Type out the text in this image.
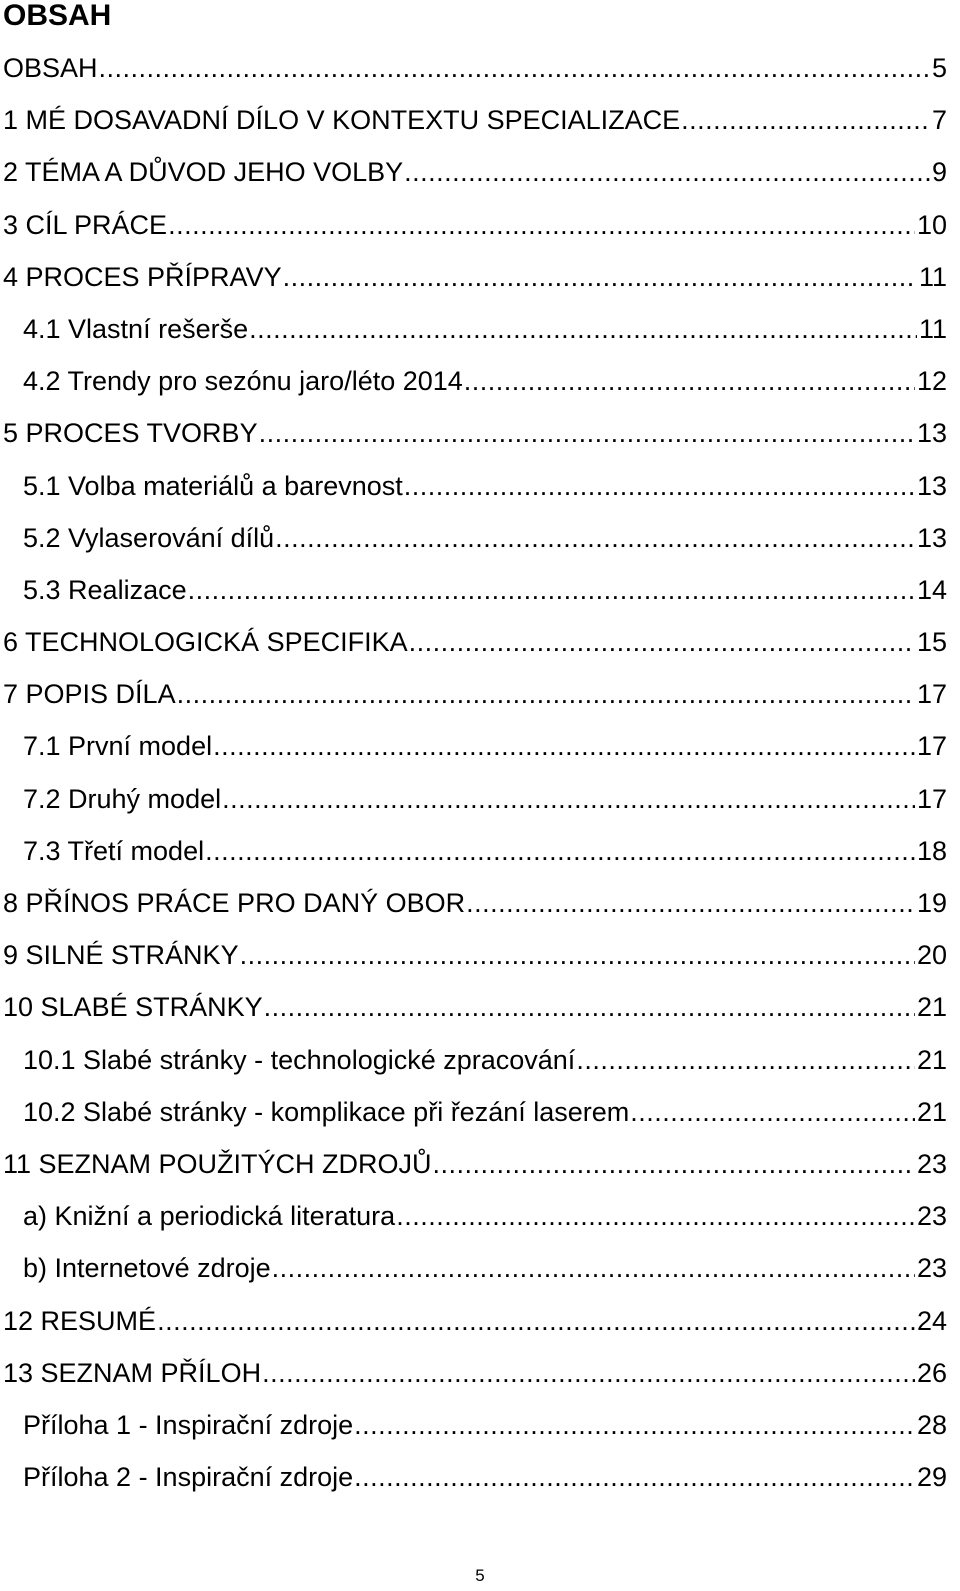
OBSAH
OBSAH .....	5
1 MÉ DOSAVADNÍ DÍLO V KONTEXTU SPECIALIZACE .....	7
2 TÉMA A DŮVOD JEHO VOLBY .....	9
3 CÍL PRÁCE .....	10
4 PROCES PŘÍPRAVY .....	11
4.1 Vlastní rešerše .....	11
4.2 Trendy pro sezónu jaro/léto 2014 .....	12
5 PROCES TVORBY .....	13
5.1 Volba materiálů a barevnost .....	13
5.2 Vylaserování dílů .....	13
5.3 Realizace .....	14
6 TECHNOLOGICKÁ SPECIFIKA .....	15
7 POPIS DÍLA .....	17
7.1 První model .....	17
7.2 Druhý model .....	17
7.3 Třetí model .....	18
8 PŘÍNOS PRÁCE PRO DANÝ OBOR .....	19
9 SILNÉ STRÁNKY .....	20
10 SLABÉ STRÁNKY .....	21
10.1 Slabé stránky - technologické zpracování .....	21
10.2 Slabé stránky - komplikace při řezání laserem .....	21
11 SEZNAM POUŽITÝCH ZDROJŮ .....	23
a) Knižní a periodická literatura .....	23
b) Internetové zdroje .....	23
12 RESUMÉ .....	24
13 SEZNAM PŘÍLOH .....	26
Příloha 1 - Inspirační zdroje .....	28
Příloha 2 - Inspirační zdroje .....	29
5
